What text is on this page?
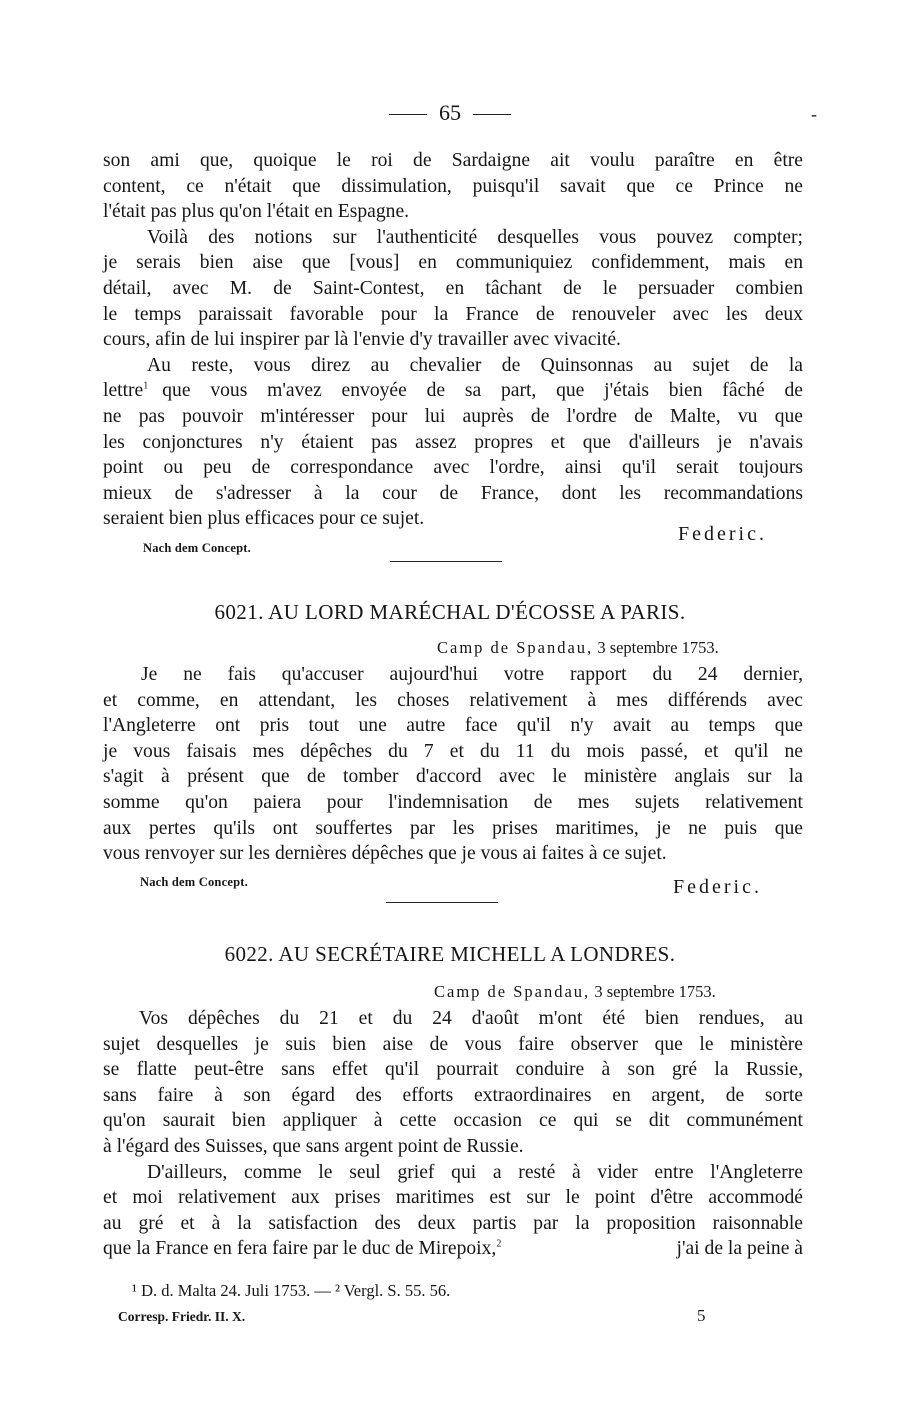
65	-
son ami que, quoique le roi de Sardaigne ait voulu paraître en être
content, ce n'était que dissimulation, puisqu'il savait que ce Prince ne
l'était pas plus qu'on l'était en Espagne.
Voilà des notions sur l'authenticité desquelles vous pouvez compter;
je serais bien aise que [vous] en communiquiez confidemment, mais en
détail, avec M. de Saint-Contest, en tâchant de le persuader combien
le temps paraissait favorable pour la France de renouveler avec les deux
cours, afin de lui inspirer par là l'envie d'y travailler avec vivacité.
Au reste, vous direz au chevalier de Quinsonnas au sujet de la
lettre$^1$ que vous m'avez envoyée de sa part, que j'étais bien fâché de
ne pas pouvoir m'intéresser pour lui auprès de l'ordre de Malte, vu que
les conjonctures n'y étaient pas assez propres et que d'ailleurs je n'avais
point ou peu de correspondance avec l'ordre, ainsi qu'il serait toujours
mieux de s'adresser à la cour de France, dont les recommandations
seraient bien plus efficaces pour ce sujet.
Nach dem Concept.
Federic.
6021. AU LORD MARÉCHAL D'ÉCOSSE A PARIS.
Camp de Spandau, 3 septembre 1753.
Je ne fais qu'accuser aujourd'hui votre rapport du 24 dernier,
et comme, en attendant, les choses relativement à mes différends avec
l'Angleterre ont pris tout une autre face qu'il n'y avait au temps que
je vous faisais mes dépêches du 7 et du 11 du mois passé, et qu'il ne
s'agit à présent que de tomber d'accord avec le ministère anglais sur la
somme qu'on paiera pour l'indemnisation de mes sujets relativement
aux pertes qu'ils ont souffertes par les prises maritimes, je ne puis que
vous renvoyer sur les dernières dépêches que je vous ai faites à ce sujet.
Nach dem Concept.	Federic.
6022. AU SECRÉTAIRE MICHELL A LONDRES.
Camp de Spandau, 3 septembre 1753.
Vos dépêches du 21 et du 24 d'août m'ont été bien rendues, au
sujet desquelles je suis bien aise de vous faire observer que le ministère
se flatte peut-être sans effet qu'il pourrait conduire à son gré la Russie,
sans faire à son égard des efforts extraordinaires en argent, de sorte
qu'on saurait bien appliquer à cette occasion ce qui se dit communément
à l'égard des Suisses, que sans argent point de Russie.
D'ailleurs, comme le seul grief qui a resté à vider entre l'Angleterre
et moi relativement aux prises maritimes est sur le point d'être accommodé
au gré et à la satisfaction des deux partis par la proposition raisonnable
que la France en fera faire par le duc de Mirepoix,$^2$	j'ai de la peine à
¹ D. d. Malta 24. Juli 1753. — ² Vergl. S. 55. 56.
Corresp. Friedr. II. X.	5
